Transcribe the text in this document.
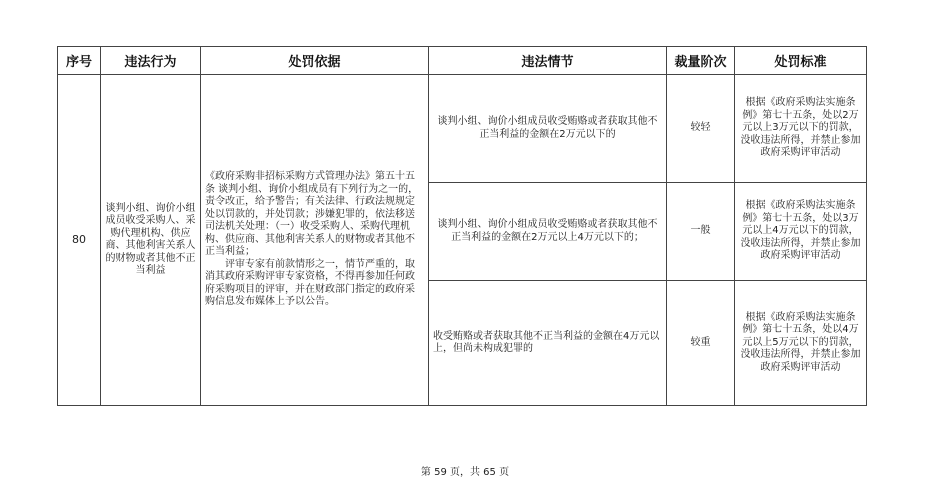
序号	违法行为	处罚依据	违法情节	裁量阶次	处罚标准
80	谈判小组、询价小组成员收受采购人、采购代理机构、供应商、其他利害关系人的财物或者其他不正当利益	《政府采购非招标采购方式管理办法》第五十五条 谈判小组、询价小组成员有下列行为之一的，责令改正，给予警告；有关法律、行政法规规定处以罚款的，并处罚款；涉嫌犯罪的，依法移送司法机关处理：（一）收受采购人、采购代理机构、供应商、其他利害关系人的财物或者其他不正当利益；

评审专家有前款情形之一，情节严重的，取消其政府采购评审专家资格，不得再参加任何政府采购项目的评审，并在财政部门指定的政府采购信息发布媒体上予以公告。	谈判小组、询价小组成员收受贿赂或者获取其他不正当利益的金额在2万元以下的	较轻	根据《政府采购法实施条例》第七十五条，处以2万元以上3万元以下的罚款，没收违法所得，并禁止参加政府采购评审活动

			谈判小组、询价小组成员收受贿赂或者获取其他不正当利益的金额在2万元以上4万元以下的；	一般	根据《政府采购法实施条例》第七十五条，处以3万元以上4万元以下的罚款，没收违法所得，并禁止参加政府采购评审活动

			收受贿赂或者获取其他不正当利益的金额在4万元以上，但尚未构成犯罪的	较重	根据《政府采购法实施条例》第七十五条，处以4万元以上5万元以下的罚款，没收违法所得，并禁止参加政府采购评审活动
第 59 页，共 65 页
